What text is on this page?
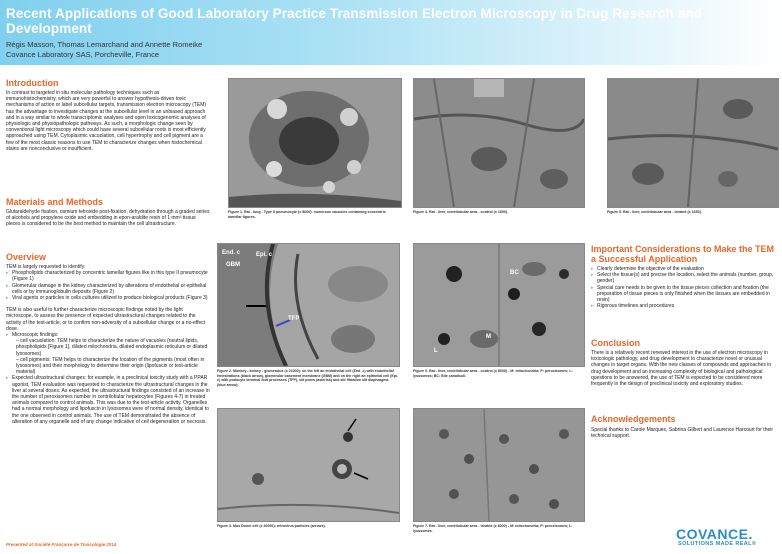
Recent Applications of Good Laboratory Practice Transmission Electron Microscopy in Drug Research and Development
Régis Masson, Thomas Lemarchand and Annette Romeike
Covance Laboratory SAS, Porcheville, France
Introduction
In contrast to targeted in situ molecular pathology techniques such as immunohistochemistry, which are very powerful to answer hypothesis-driven toxic mechanisms of action or label subcellular targets, transmission electron microscopy (TEM) has the advantage to investigate changes at the subcellular level in an unbiased approach and in a way similar to whole transcriptomic analyses and open toxicogenomic analyses of physiologic and physiopathologic pathways. As such, a morphologic change seen by conventional light microscopy which could have several subcellular roots is most efficiently approached using TEM. Cytoplasmic vacuolation, cell hypertrophy and cell pigment are a few of the most classic reasons to use TEM to characterize changes when histochemical stains are nonconclusive or insufficient.
Materials and Methods
Glutaraldehyde fixation, osmium tetroxide post-fixation, dehydration through a graded series of alcohols and propylene oxide and embedding in epon-araldite resin of 1 mm³ tissue pieces is considered to be the best method to maintain the cell ultrastructure.
Overview
TEM is largely requested to identify:
▸ Phospholipids characterized by concentric lamellar figures like in this type II pneumocyte (Figure 1)
▸ Glomerular damage in the kidney characterized by alterations of endothelial or epithelial cells or by immunoglobulin deposits (Figure 2)
▸ Viral agents or particles in cells cultures utilized to produce biological products (Figure 3)
TEM is also useful to further characterize microscopic findings noted by the light microscope, to assess the presence of expected ultrastructural changes related to the activity of the test-article, or to confirm non-adversity of a subcellular change or a no-effect dose.
▸ Microscopic findings:
– cell vacuolation: TEM helps to characterize the nature of vacuoles (neutral lipids, phospholipids [Figure 1], dilated mitochondria, dilated endoplasmic reticulum or dilated lysosomes)
– cell pigments: TEM helps to characterize the location of the pigments (most often in lysosomes) and their morphology to determine their origin (lipofuscin or test-article material)
▸ Expected ultrastructural changes: for example, in a preclinical toxicity study with a PPAR agonist, TEM evaluation was requested to characterize the ultrastructural changes in the liver at several doses. As expected, the ultrastructural findings consisted of an increase in the number of peroxisomes number in centrilobular hepatocytes (Figures 4-7) in treated animals compared to control animals. This was due to the test-article activity. Organelles had a normal morphology and lipofuscin in lysosomes were of normal density, identical to the one observed in control animals. The use of TEM demonstrated the absence of alteration of any organelle and of any change indicative of cell degeneration or necrosis.
Figure 1. Rat - lung - Type II pneumocyte (x 8000): numerous vacuoles containing concentric lamellar figures.
Figure 4. Rat - liver, centrilobular area - control (x 1650).	Figure 5. Rat - liver, centrilobular area - treated (x 1650).
End. c
GBM
Epi. c
TFP
Figure 2. Monkey - kidney - glomerulus (x 21000): on the left an endothelial cell (End. c) with endothelial fenestrations (black arrow), glomerular basement membrane (GBM) and on the right an epithelial cell (Epi. c) with podocyte terminal foot processes (TFP), slit pores (asterisk) and slit filtration slit diaphragms (blue arrow).
BC
M
L
Figure 6. Rat - liver, centrilobular area - control (x 8000) - M: mitochondria; P: peroxisomes; L: lysosomes; BC: Bile canaliculi.
Figure 3. Mus Dunni cell (x 40000): retrovirus particles (arrows).	Figure 7. Rat - liver, centrilobular area - treated (x 8000) - M: mitochondria; P: peroxisomes; L: lysosomes.
Important Considerations to Make the TEM a Successful Application
▸ Clearly determine the objective of the evaluation
▸ Select the tissue(s) and precise the location, select the animals (number, group, gender)
▸ Special care needs to be given to the tissue pieces collection and fixation (the preparation of tissue pieces is only finished when the tissues are embedded in resin)
▸ Rigorous timelines and procedures
Conclusion
There is a relatively recent renewed interest in the use of electron microscopy in toxicologic pathology, and drug development to characterize novel or unusual changes in target organs. With the new classes of compounds and approaches in drug development and an increasing complexity of biological and pathological questions to be answered, the use of TEM is expected to be considered more frequently in the design of preclinical toxicity and exploratory studies.
Acknowledgements
Special thanks to Carole Marques, Sabrina Gilbert and Laurence Harcourt for their technical support.
Presented at Société Française de Toxicologie 2014
COVANCE.
SOLUTIONS MADE REAL®
